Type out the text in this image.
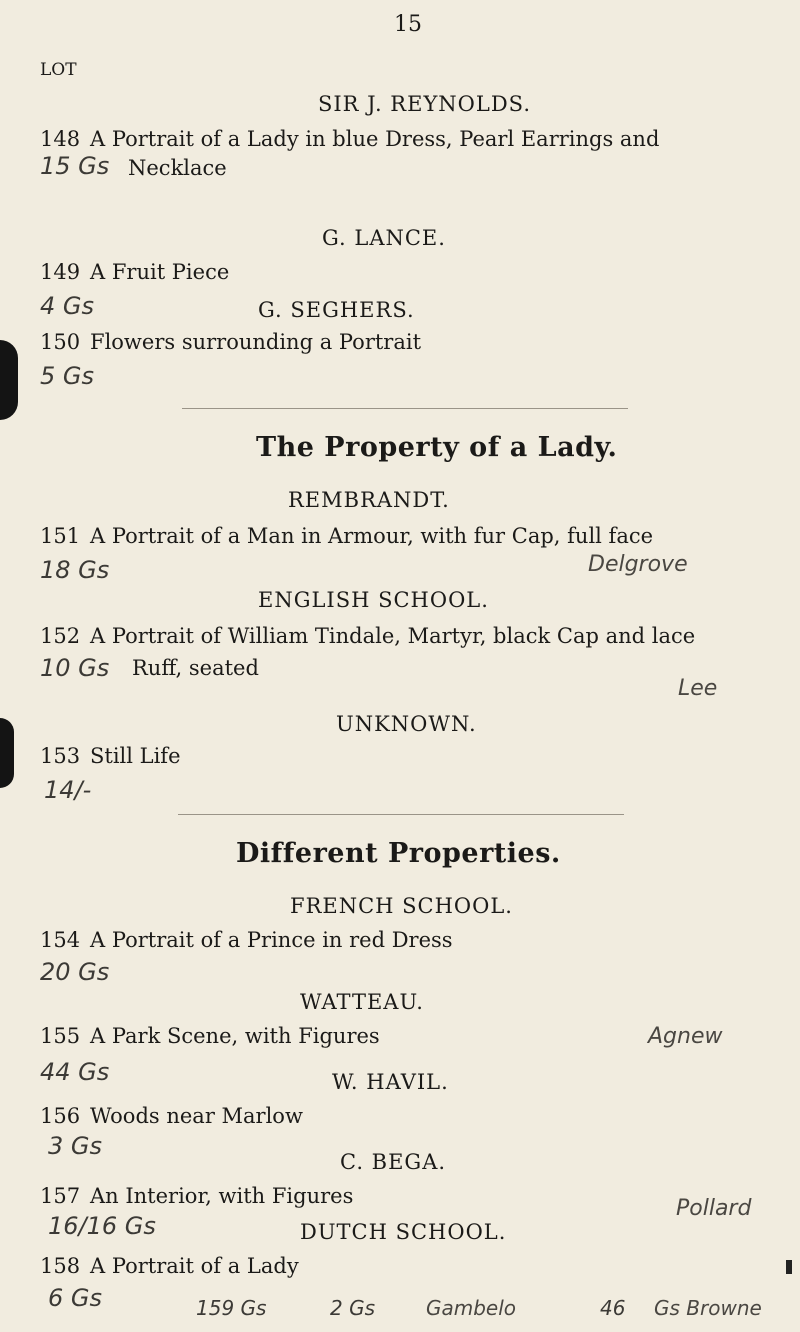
15
LOT
SIR J. REYNOLDS.
148 A Portrait of a Lady in blue Dress, Pearl Earrings and
15 Gs Necklace
G. LANCE.
149 A Fruit Piece
4 Gs	G. SEGHERS.
150 Flowers surrounding a Portrait
5 Gs
The Property of a Lady.
REMBRANDT.
151 A Portrait of a Man in Armour, with fur Cap, full face
18 Gs	Delgrove
ENGLISH SCHOOL.
152 A Portrait of William Tindale, Martyr, black Cap and lace
10 Gs Ruff, seated
Lee
UNKNOWN.
153 Still Life
14/-
Different Properties.
FRENCH SCHOOL.
154 A Portrait of a Prince in red Dress
20 Gs
WATTEAU.
155 A Park Scene, with Figures
44 Gs
Agnew
W. HAVIL.
156 Woods near Marlow
3 Gs
C. BEGA.
157 An Interior, with Figures
16/16 Gs
Pollard
DUTCH SCHOOL.
158 A Portrait of a Lady
6 Gs	159 Gs	2 Gs	Gambelo	46 Gs Browne
